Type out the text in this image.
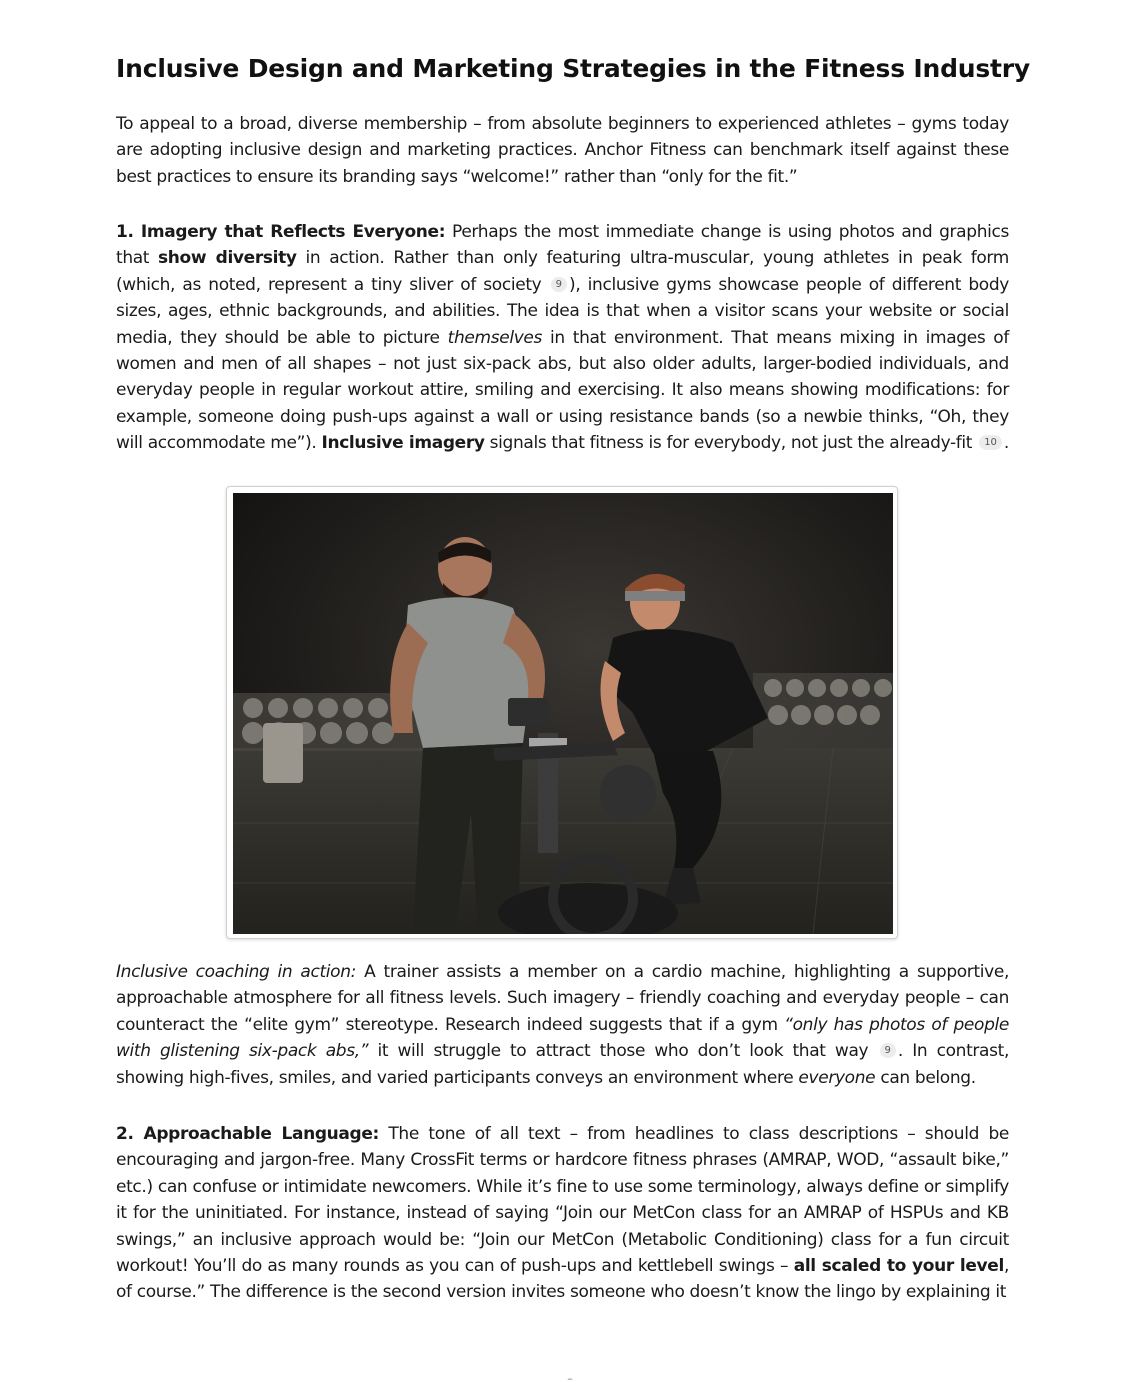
Inclusive Design and Marketing Strategies in the Fitness Industry

To appeal to a broad, diverse membership – from absolute beginners to experienced athletes – gyms today are adopting inclusive design and marketing practices. Anchor Fitness can benchmark itself against these best practices to ensure its branding says “welcome!” rather than “only for the fit.”

1. Imagery that Reflects Everyone: Perhaps the most immediate change is using photos and graphics that show diversity in action. Rather than only featuring ultra-muscular, young athletes in peak form (which, as noted, represent a tiny sliver of society 9 ), inclusive gyms showcase people of different body sizes, ages, ethnic backgrounds, and abilities. The idea is that when a visitor scans your website or social media, they should be able to picture themselves in that environment. That means mixing in images of women and men of all shapes – not just six-pack abs, but also older adults, larger-bodied individuals, and everyday people in regular workout attire, smiling and exercising. It also means showing modifications: for example, someone doing push-ups against a wall or using resistance bands (so a newbie thinks, “Oh, they will accommodate me”). Inclusive imagery signals that fitness is for everybody, not just the already-fit 10 .

Inclusive coaching in action: A trainer assists a member on a cardio machine, highlighting a supportive, approachable atmosphere for all fitness levels. Such imagery – friendly coaching and everyday people – can counteract the “elite gym” stereotype. Research indeed suggests that if a gym “only has photos of people with glistening six-pack abs,” it will struggle to attract those who don’t look that way 9 . In contrast, showing high-fives, smiles, and varied participants conveys an environment where everyone can belong.

2. Approachable Language: The tone of all text – from headlines to class descriptions – should be encouraging and jargon-free. Many CrossFit terms or hardcore fitness phrases (AMRAP, WOD, “assault bike,” etc.) can confuse or intimidate newcomers. While it’s fine to use some terminology, always define or simplify it for the uninitiated. For instance, instead of saying “Join our MetCon class for an AMRAP of HSPUs and KB swings,” an inclusive approach would be: “Join our MetCon (Metabolic Conditioning) class for a fun circuit workout! You’ll do as many rounds as you can of push-ups and kettlebell swings – all scaled to your level, of course.” The difference is the second version invites someone who doesn’t know the lingo by explaining it

–
